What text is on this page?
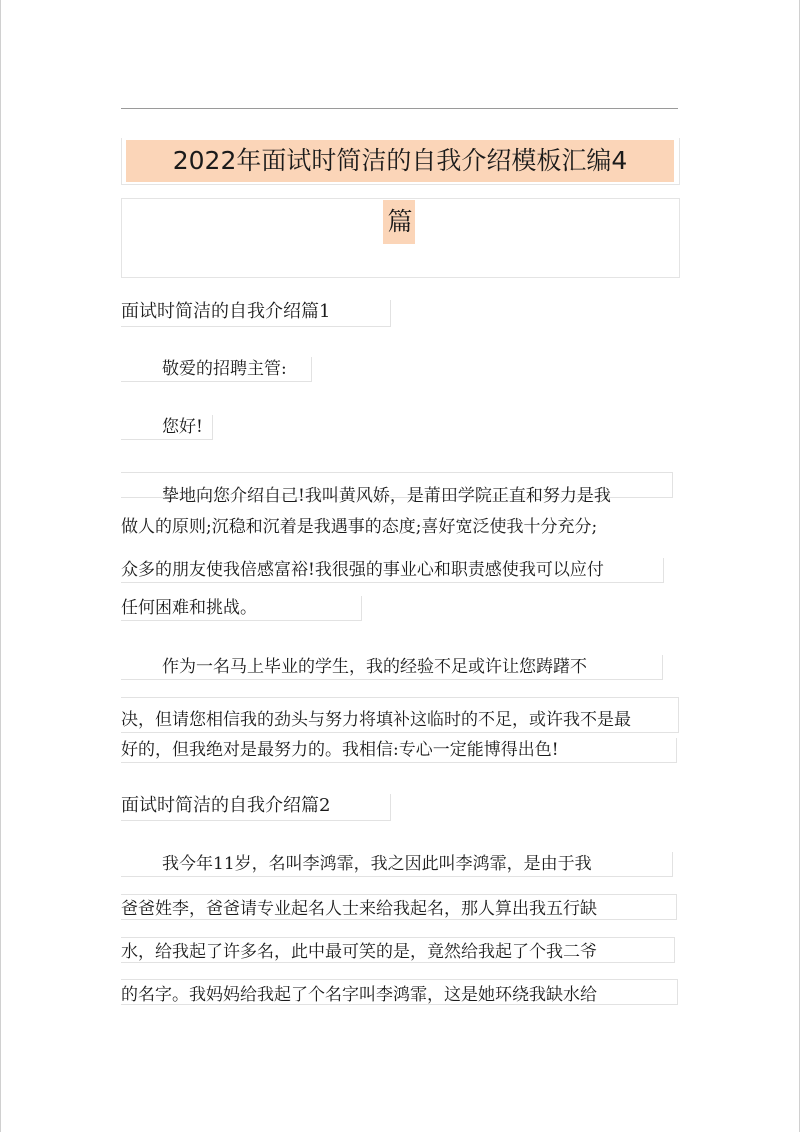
2022年面试时简洁的自我介绍模板汇编4
篇
面试时简洁的自我介绍篇1
敬爱的招聘主管:
您好!
挚地向您介绍自己!我叫黄风娇，是莆田学院正直和努力是我
做人的原则;沉稳和沉着是我遇事的态度;喜好宽泛使我十分充分;
众多的朋友使我倍感富裕!我很强的事业心和职责感使我可以应付
任何困难和挑战。
作为一名马上毕业的学生，我的经验不足或许让您踌躇不
决，但请您相信我的劲头与努力将填补这临时的不足，或许我不是最
好的，但我绝对是最努力的。我相信:专心一定能博得出色!
面试时简洁的自我介绍篇2
我今年11岁，名叫李鸿霏，我之因此叫李鸿霏，是由于我
爸爸姓李，爸爸请专业起名人士来给我起名，那人算出我五行缺
水，给我起了许多名，此中最可笑的是，竟然给我起了个我二爷
的名字。我妈妈给我起了个名字叫李鸿霏，这是她环绕我缺水给
